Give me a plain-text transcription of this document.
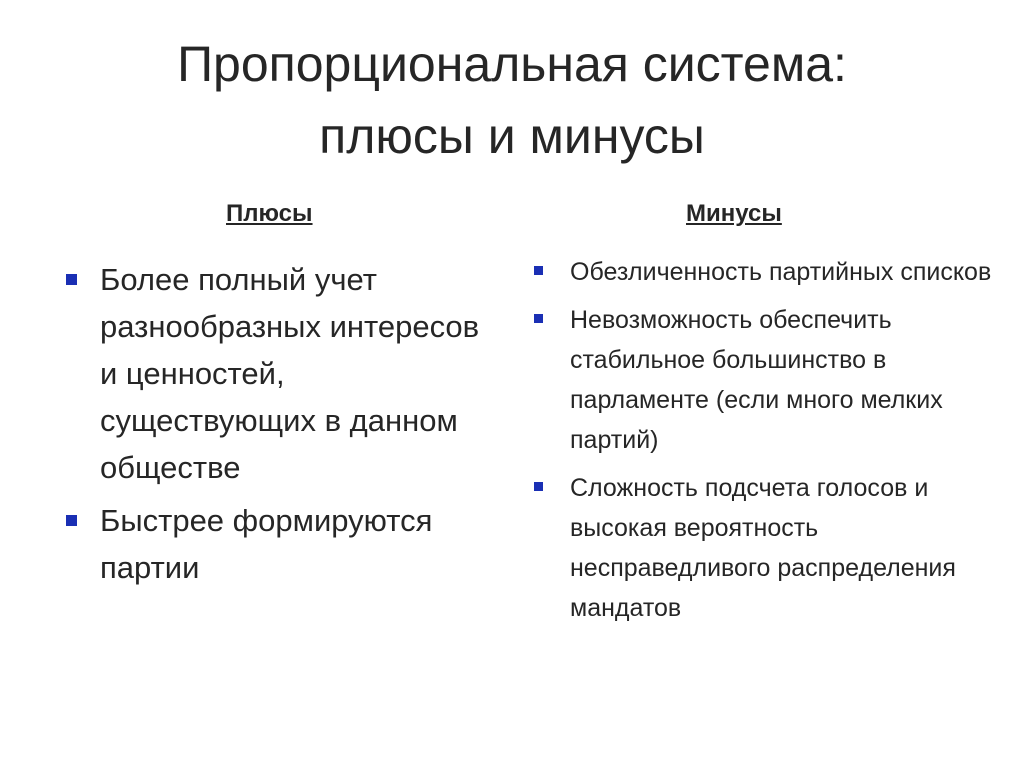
Пропорциональная система:
плюсы и минусы
Плюсы	Минусы
Более полный учет разнообразных интересов и ценностей, существующих в данном обществе
Быстрее формируются партии
Обезличенность партийных списков
Невозможность обеспечить стабильное большинство в парламенте (если много мелких партий)
Сложность подсчета голосов и высокая вероятность несправедливого распределения мандатов
